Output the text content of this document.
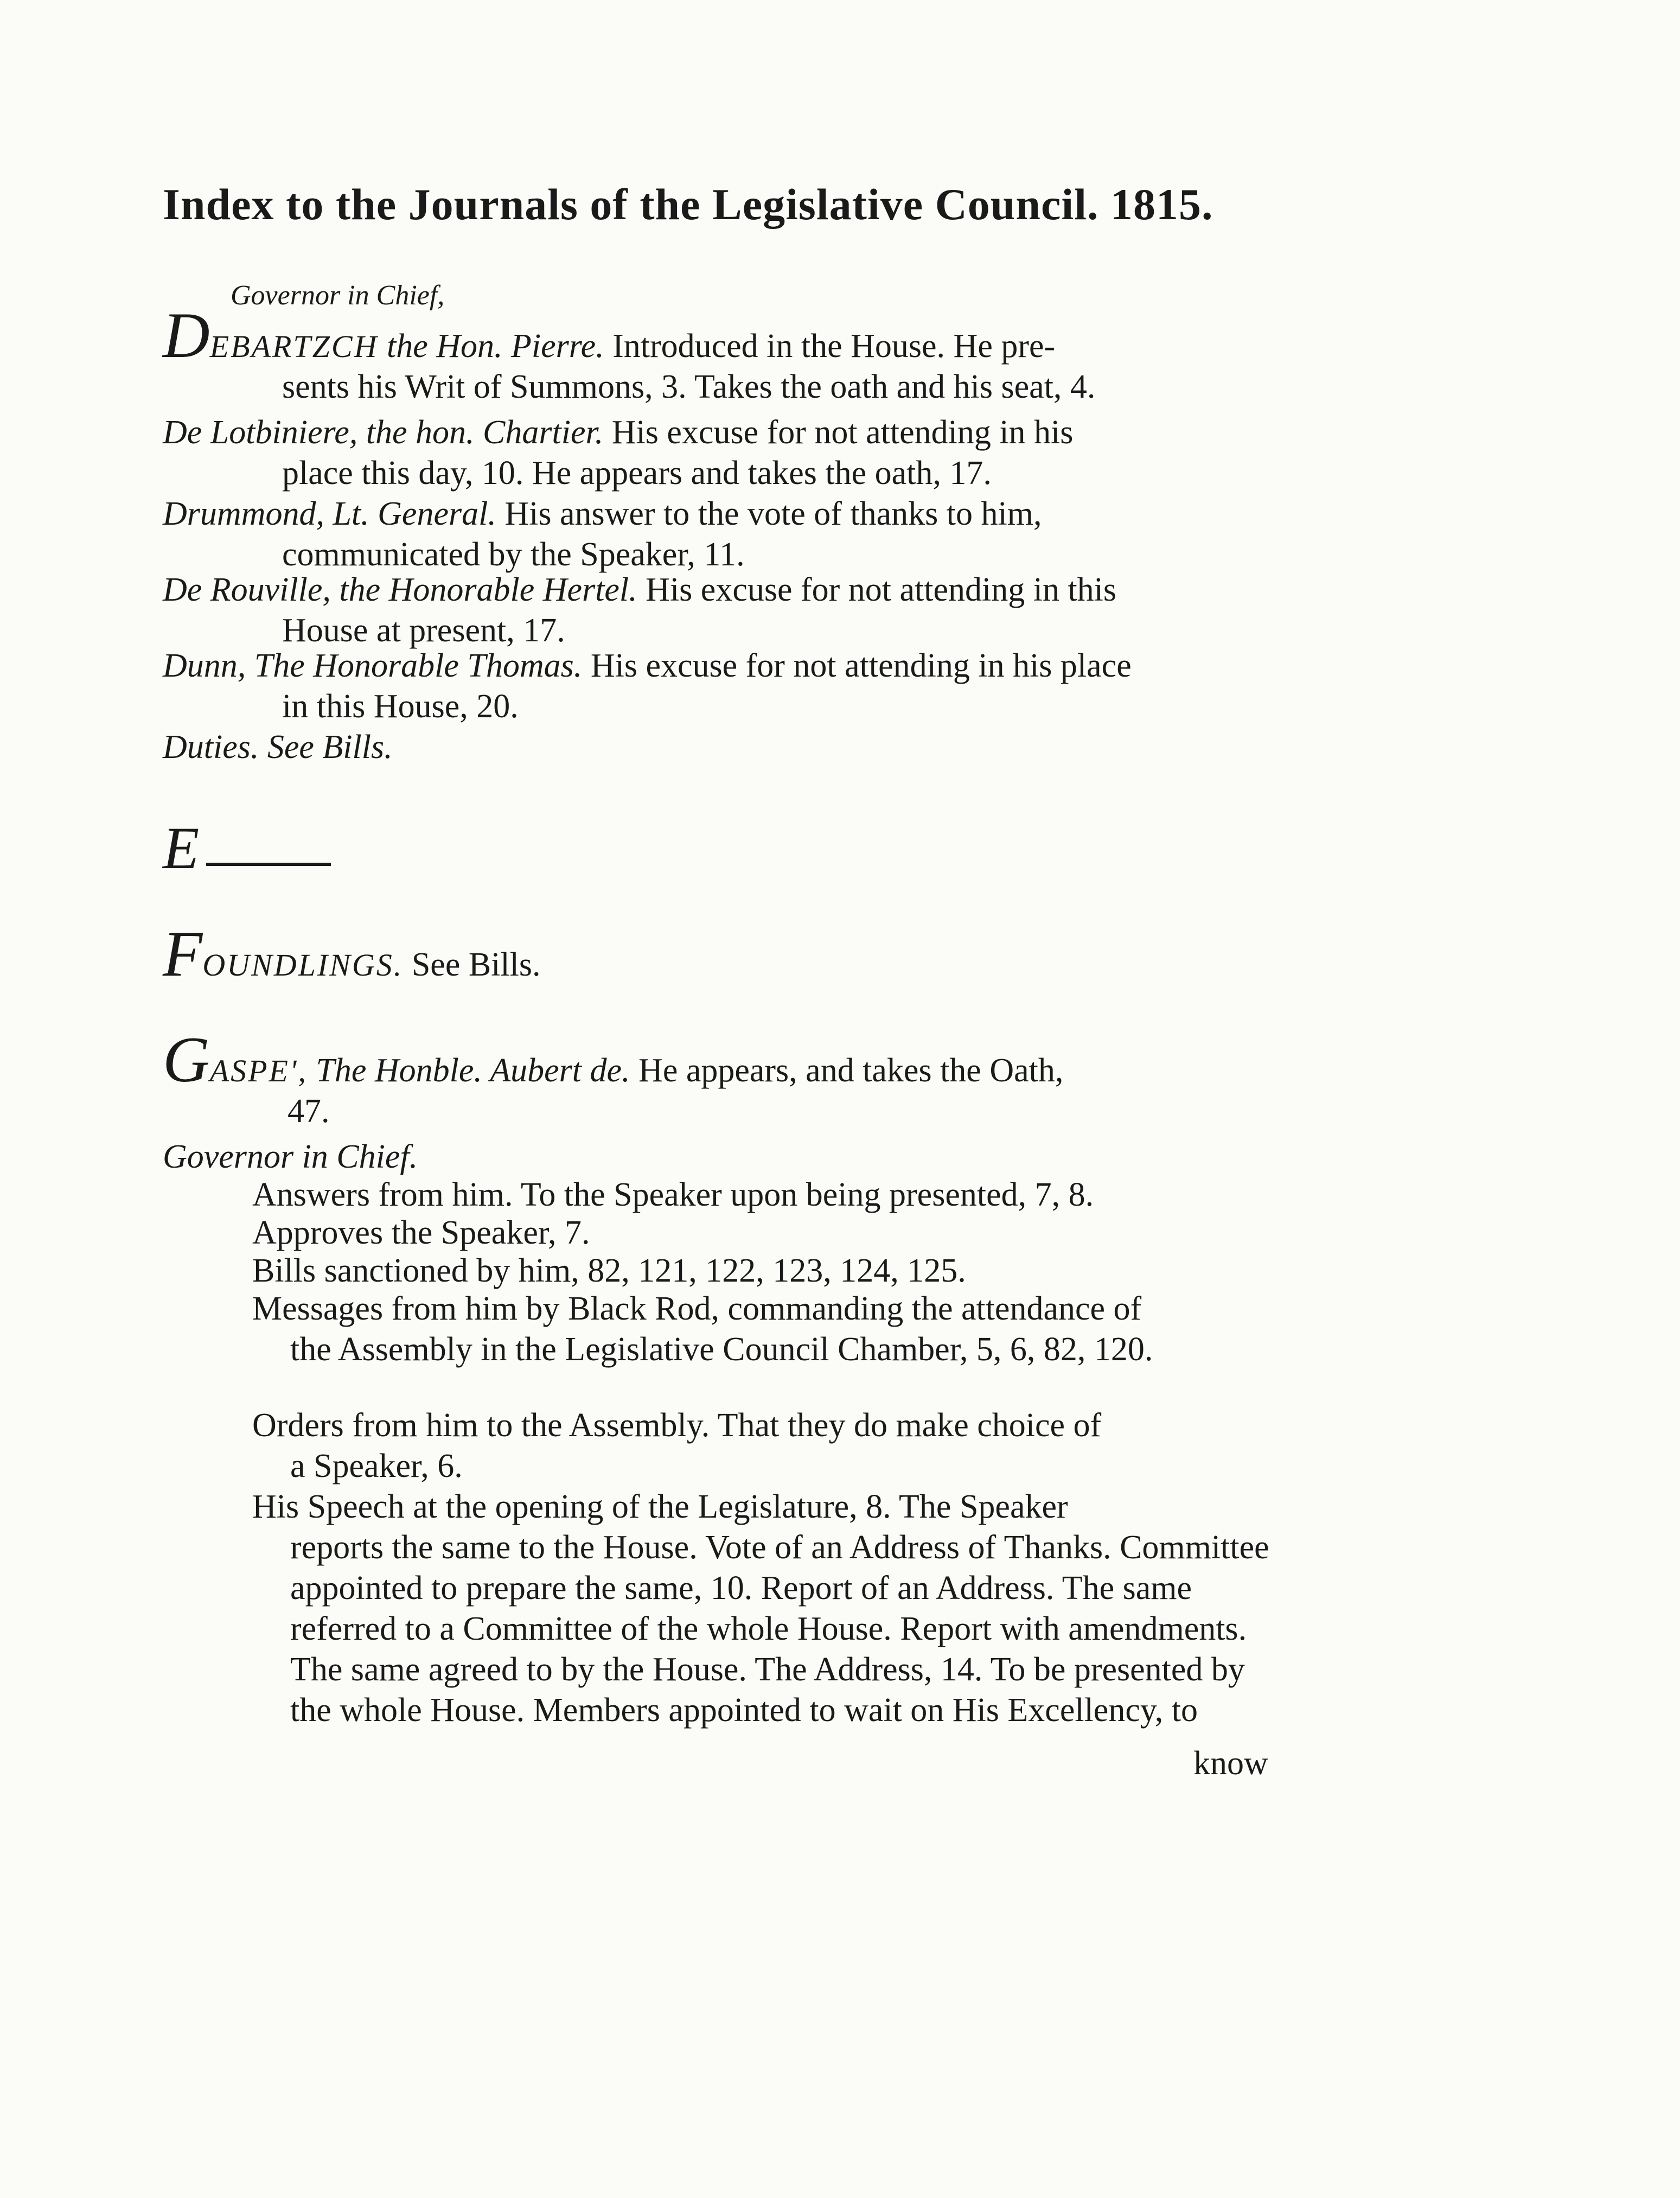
Index to the Journals of the Legislative Council. 1815.
Governor in Chief,
DEBARTZCH the Hon. Pierre. Introduced in the House. He pre-
sents his Writ of Summons, 3. Takes the oath and his seat, 4.
De Lotbiniere, the hon. Chartier. His excuse for not attending in his
place this day, 10. He appears and takes the oath, 17.
Drummond, Lt. General. His answer to the vote of thanks to him,
communicated by the Speaker, 11.
De Rouville, the Honorable Hertel. His excuse for not attending in this
House at present, 17.
Dunn, The Honorable Thomas. His excuse for not attending in his place
in this House, 20.
Duties. See Bills.
E
FOUNDLINGS. See Bills.
GASPE', The Honble. Aubert de. He appears, and takes the Oath,
47.
Governor in Chief.
Answers from him. To the Speaker upon being presented, 7, 8.
Approves the Speaker, 7.
Bills sanctioned by him, 82, 121, 122, 123, 124, 125.
Messages from him by Black Rod, commanding the attendance of
the Assembly in the Legislative Council Chamber, 5, 6, 82, 120.
Orders from him to the Assembly. That they do make choice of
a Speaker, 6.
His Speech at the opening of the Legislature, 8. The Speaker
reports the same to the House. Vote of an Address of Thanks. Committee appointed to prepare the same, 10. Report of an Address. The same referred to a Committee of the whole House. Report with amendments. The same agreed to by the House. The Address, 14. To be presented by the whole House. Members appointed to wait on His Excellency, to
know
